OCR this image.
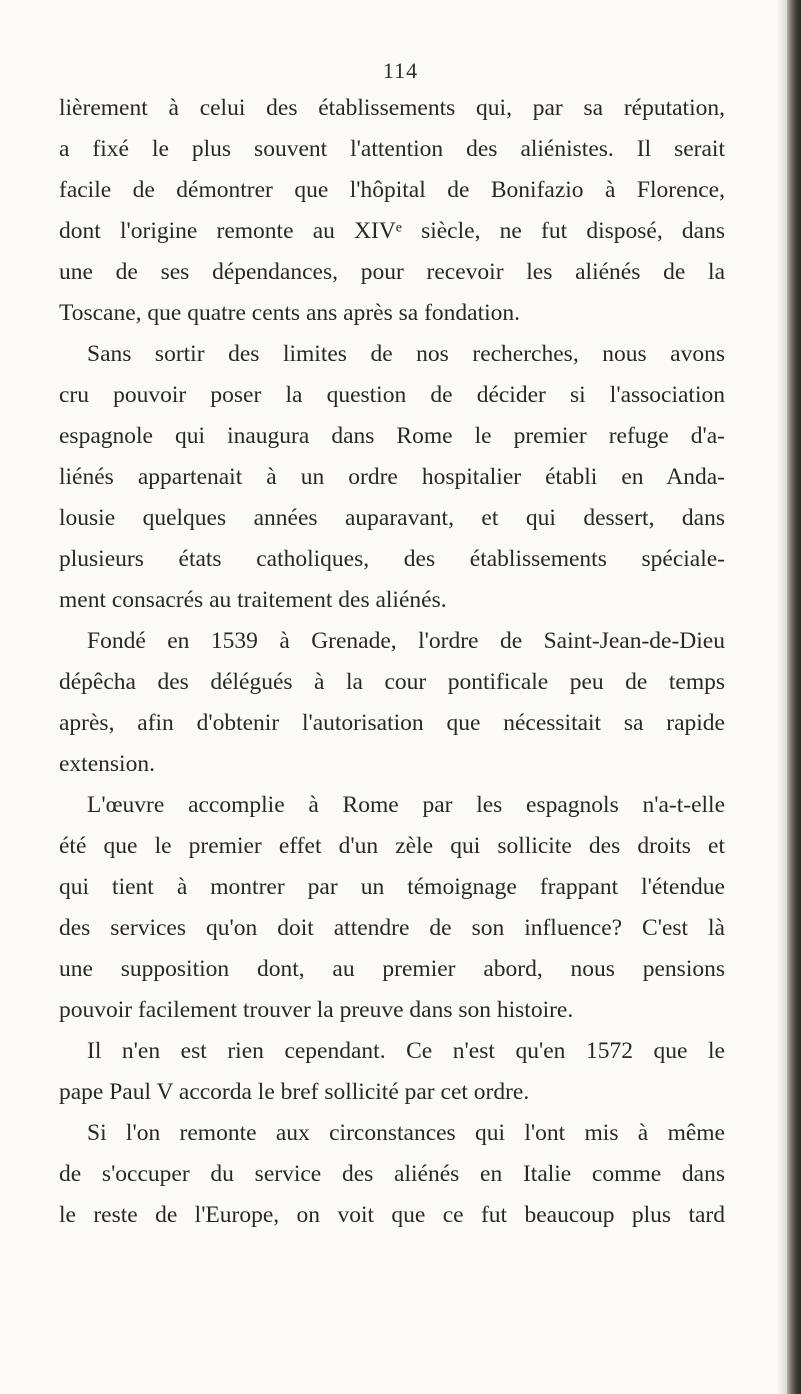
114

lièrement à celui des établissements qui, par sa réputation,
a fixé le plus souvent l'attention des aliénistes. Il serait
facile de démontrer que l'hôpital de Bonifazio à Florence,
dont l'origine remonte au XIVᵉ siècle, ne fut disposé, dans
une de ses dépendances, pour recevoir les aliénés de la
Toscane, que quatre cents ans après sa fondation.

Sans sortir des limites de nos recherches, nous avons
cru pouvoir poser la question de décider si l'association
espagnole qui inaugura dans Rome le premier refuge d'a-
liénés appartenait à un ordre hospitalier établi en Anda-
lousie quelques années auparavant, et qui dessert, dans
plusieurs états catholiques, des établissements spéciale-
ment consacrés au traitement des aliénés.

Fondé en 1539 à Grenade, l'ordre de Saint-Jean-de-Dieu
dépêcha des délégués à la cour pontificale peu de temps
après, afin d'obtenir l'autorisation que nécessitait sa rapide
extension.

L'œuvre accomplie à Rome par les espagnols n'a-t-elle
été que le premier effet d'un zèle qui sollicite des droits et
qui tient à montrer par un témoignage frappant l'étendue
des services qu'on doit attendre de son influence? C'est là
une supposition dont, au premier abord, nous pensions
pouvoir facilement trouver la preuve dans son histoire.

Il n'en est rien cependant. Ce n'est qu'en 1572 que le
pape Paul V accorda le bref sollicité par cet ordre.

Si l'on remonte aux circonstances qui l'ont mis à même
de s'occuper du service des aliénés en Italie comme dans
le reste de l'Europe, on voit que ce fut beaucoup plus tard
